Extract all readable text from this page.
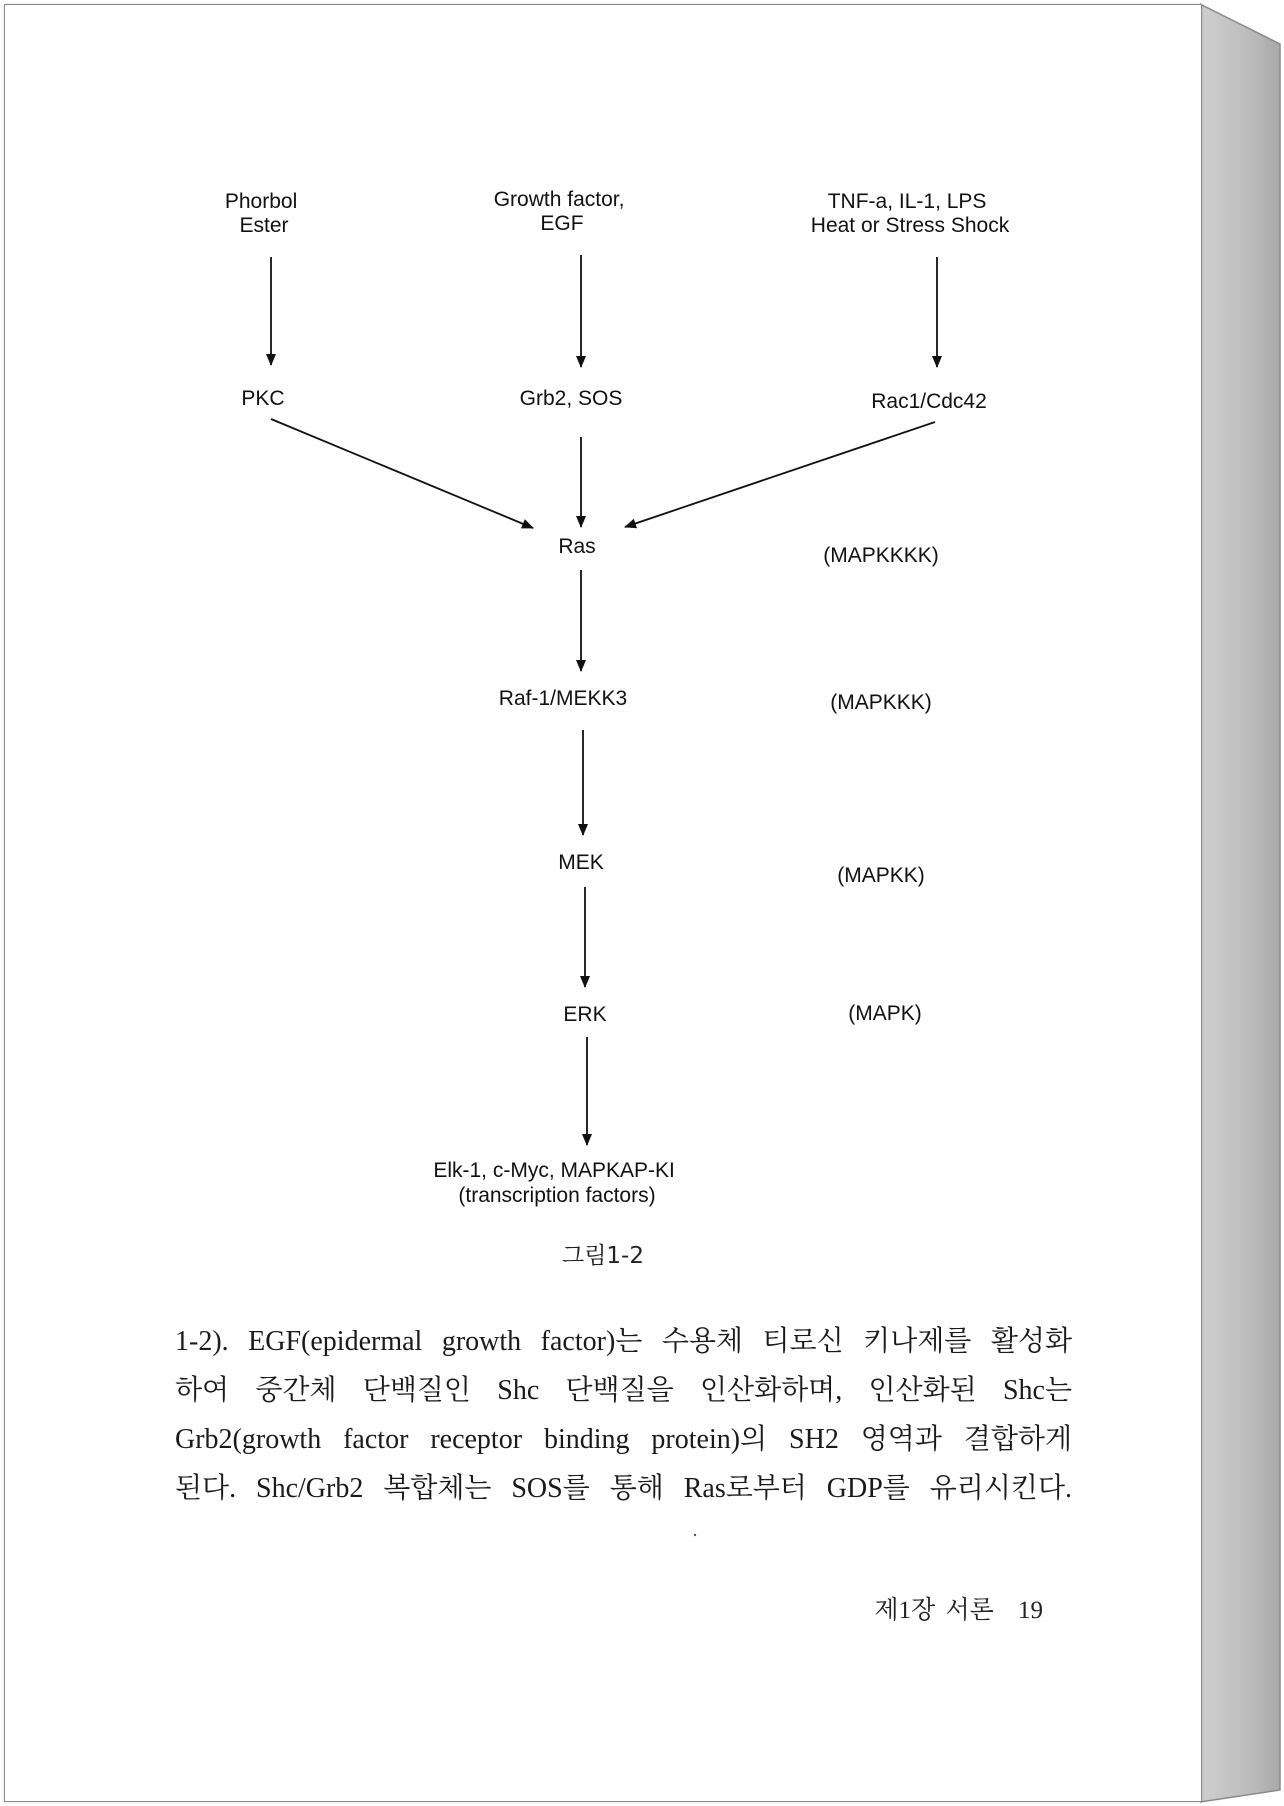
Phorbol Ester
Growth factor, EGF
TNF-a, IL-1, LPS Heat or Stress Shock
PKC	Grb2, SOS	Rac1/Cdc42
Ras	(MAPKKKK)
Raf-1/MEKK3	(MAPKKK)
MEK
(MAPKK)
ERK	(MAPK)
Elk-1, c-Myc, MAPKAP-KI (transcription factors)
그림1-2
1-2). EGF(epidermal growth factor)는 수용체 티로신 키나제를 활성화
하여 중간체 단백질인 Shc 단백질을 인산화하며, 인산화된 Shc는
Grb2(growth factor receptor binding protein)의 SH2 영역과 결합하게
된다. Shc/Grb2 복합체는 SOS를 통해 Ras로부터 GDP를 유리시킨다.
제1장 서론 19
